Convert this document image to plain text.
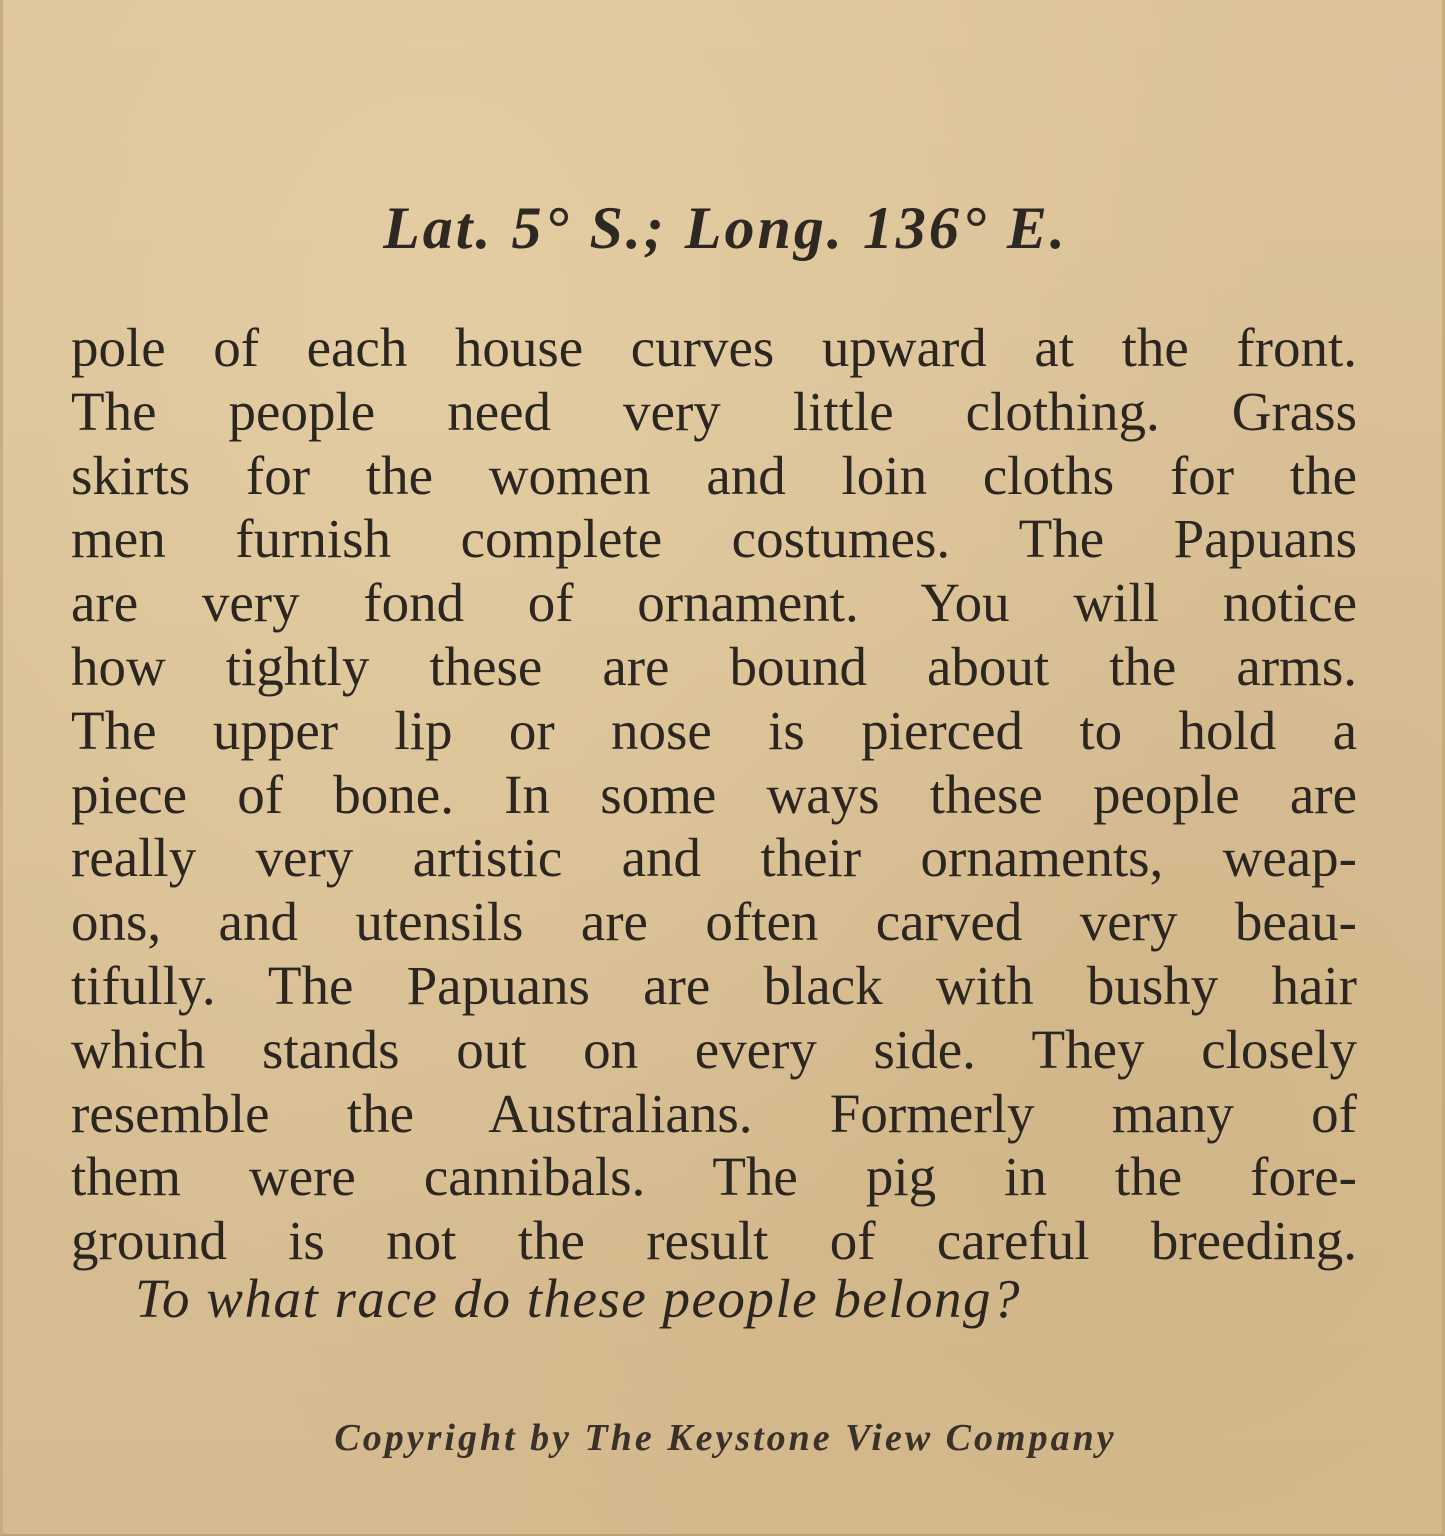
Lat. 5° S.; Long. 136° E.
pole of each house curves upward at the front.
The people need very little clothing. Grass
skirts for the women and loin cloths for the
men furnish complete costumes. The Papuans
are very fond of ornament. You will notice
how tightly these are bound about the arms.
The upper lip or nose is pierced to hold a
piece of bone. In some ways these people are
really very artistic and their ornaments, weap-
ons, and utensils are often carved very beau-
tifully. The Papuans are black with bushy hair
which stands out on every side. They closely
resemble the Australians. Formerly many of
them were cannibals. The pig in the fore-
ground is not the result of careful breeding.

To what race do these people belong?

Copyright by The Keystone View Company
